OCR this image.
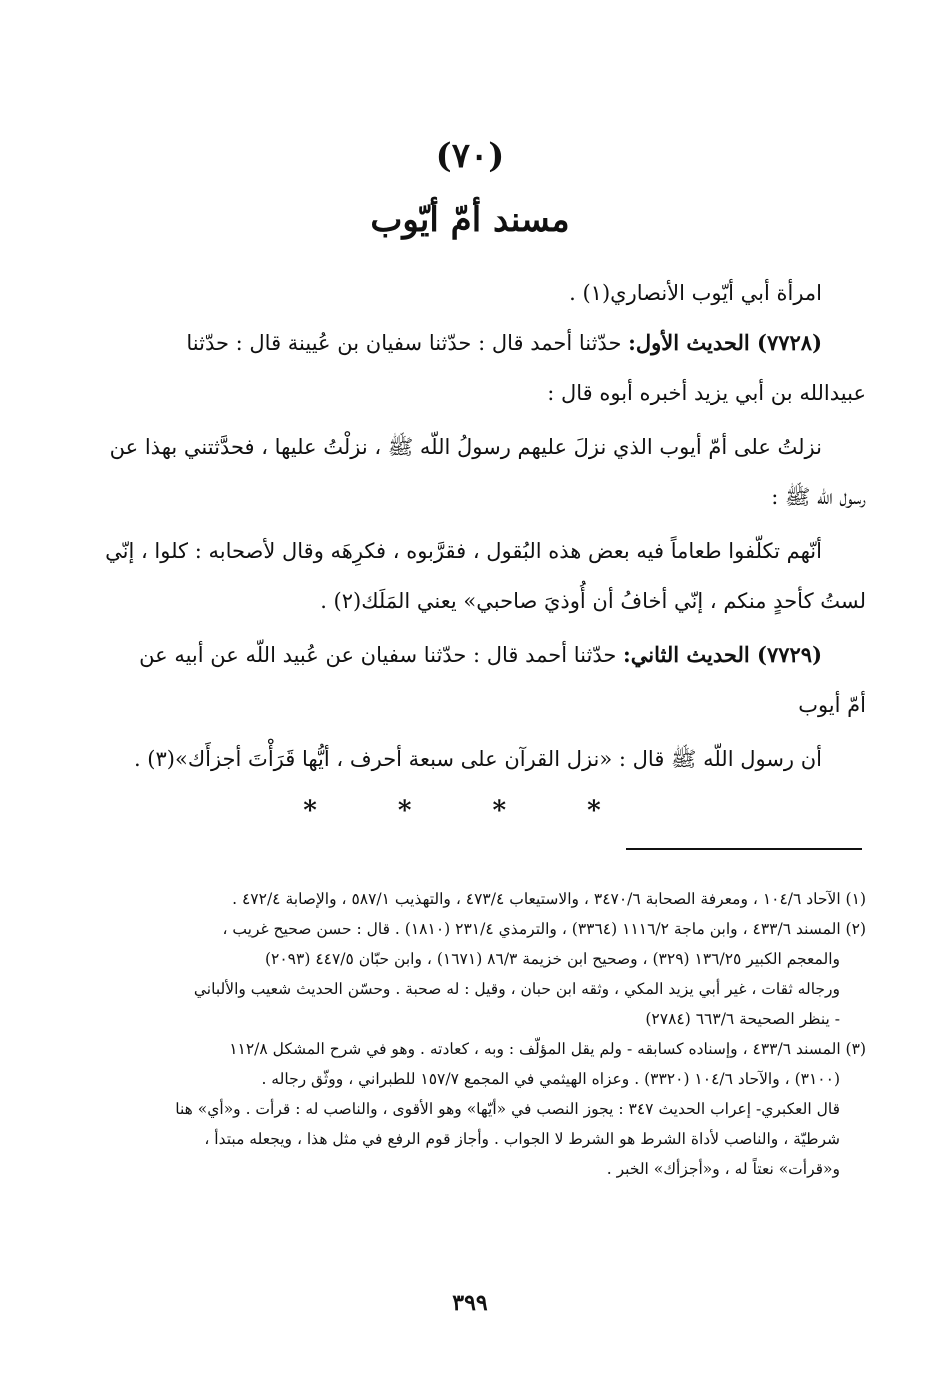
(٧٠)
مسند أمّ أيّوب
امرأة أبي أيّوب الأنصاري(١) .
(٧٧٢٨) الحديث الأول: حدّثنا أحمد قال : حدّثنا سفيان بن عُيينة قال : حدّثنا
عبيدالله بن أبي يزيد أخبره أبوه قال :
نزلتُ على أمّ أيوب الذي نزلَ عليهم رسولُ اللّه ﷺ ، نزلْتُ عليها ، فحدَّثتني بهذا عن
رسول اللّه ﷺ :
أنّهم تكلّفوا طعاماً فيه بعض هذه البُقول ، فقرَّبوه ، فكرِهَه وقال لأصحابه : كلوا ، إنّي
لستُ كأحدٍ منكم ، إنّي أخافُ أن أُوذيَ صاحبي» يعني المَلَك(٢) .
(٧٧٢٩) الحديث الثاني: حدّثنا أحمد قال : حدّثنا سفيان عن عُبيد اللّه عن أبيه عن
أمّ أيوب
أن رسول اللّه ﷺ قال : «نزل القرآن على سبعة أحرف ، أيُّها قَرَأْتَ أجزأَك»(٣) .
* * * *
(١) الآحاد ١٠٤/٦ ، ومعرفة الصحابة ٣٤٧٠/٦ ، والاستيعاب ٤٧٣/٤ ، والتهذيب ٥٨٧/١ ، والإصابة ٤٧٢/٤ .
(٢) المسند ٤٣٣/٦ ، وابن ماجة ١١١٦/٢ (٣٣٦٤) ، والترمذي ٢٣١/٤ (١٨١٠) . قال : حسن صحيح غريب ،
والمعجم الكبير ١٣٦/٢٥ (٣٢٩) ، وصحيح ابن خزيمة ٨٦/٣ (١٦٧١) ، وابن حبّان ٤٤٧/٥ (٢٠٩٣)
ورجاله ثقات ، غير أبي يزيد المكي ، وثقه ابن حبان ، وقيل : له صحبة . وحسّن الحديث شعيب والألباني
- ينظر الصحيحة ٦٦٣/٦ (٢٧٨٤)
(٣) المسند ٤٣٣/٦ ، وإسناده كسابقه - ولم يقل المؤلّف : وبه ، كعادته . وهو في شرح المشكل ١١٢/٨
(٣١٠٠) ، والآحاد ١٠٤/٦ (٣٣٢٠) . وعزاه الهيثمي في المجمع ١٥٧/٧ للطبراني ، ووثّق رجاله .
قال العكبري- إعراب الحديث ٣٤٧ : يجوز النصب في «أيّها» وهو الأقوى ، والناصب له : قرأت . و«أي» هنا
شرطيّة ، والناصب لأداة الشرط هو الشرط لا الجواب . وأجاز قوم الرفع في مثل هذا ، ويجعله مبتدأ ،
و«قرأت» نعتاً له ، و«أجزأك» الخبر .
٣٩٩
